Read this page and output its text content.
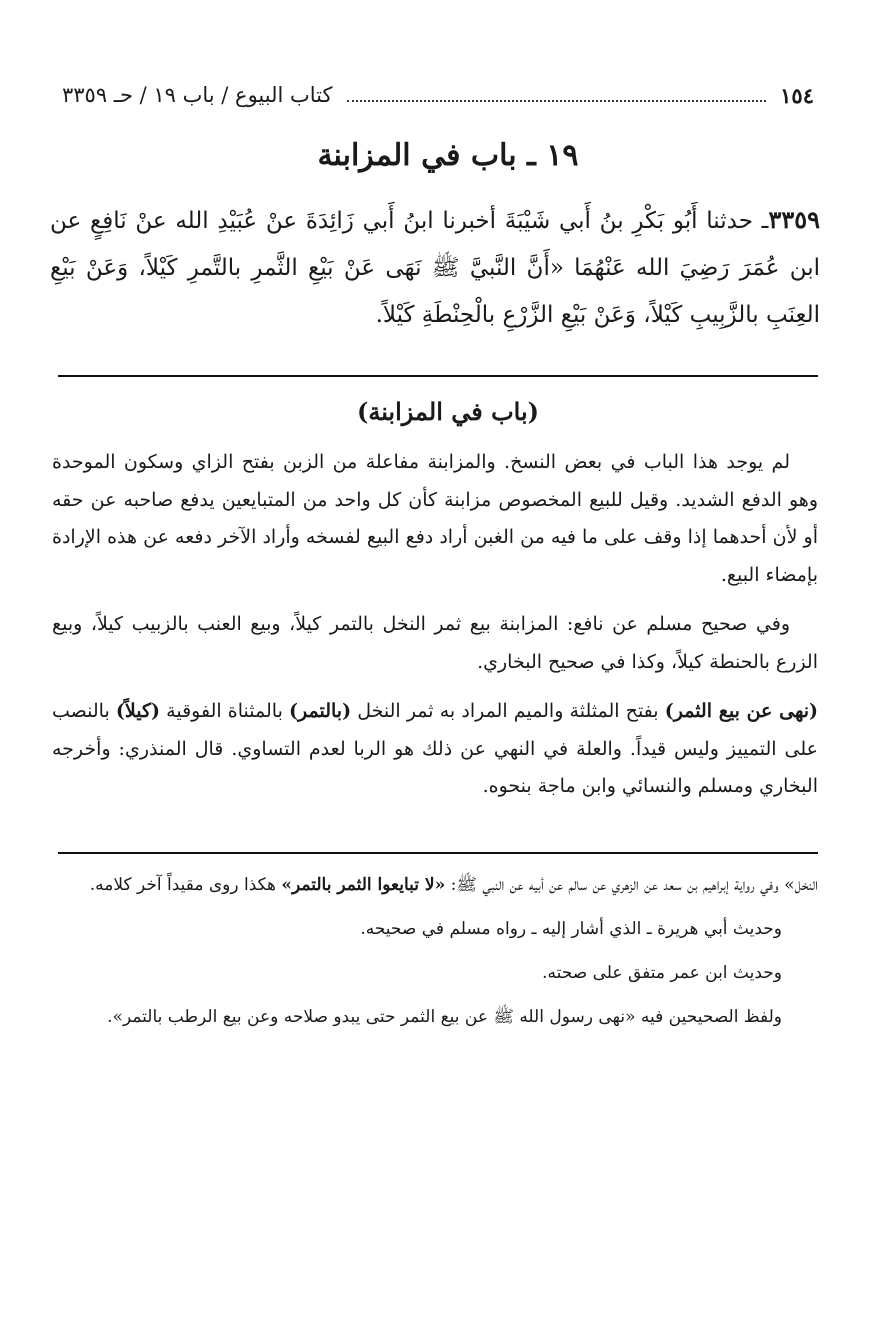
١٥٤
كتاب البيوع / باب ١٩ / حـ ٣٣٥٩
١٩ ـ باب في المزابنة
٣٣٥٩ـ حدثنا أَبُو بَكْرِ بنُ أَبي شَيْبَةَ أخبرنا ابنُ أَبي زَائِدَةَ عنْ عُبَيْدِ الله عنْ نَافِعٍ عن ابن عُمَرَ رَضِيَ الله عَنْهُمَا «أَنَّ النَّبيَّ ﷺ نَهَى عَنْ بَيْعِ الثَّمرِ بالتَّمرِ كَيْلاً، وَعَنْ بَيْعِ العِنَبِ بالزَّبِيبِ كَيْلاً، وَعَنْ بَيْعِ الزَّرْعِ بالْحِنْطَةِ كَيْلاً.
(باب في المزابنة)

لم يوجد هذا الباب في بعض النسخ. والمزابنة مفاعلة من الزبن بفتح الزاي وسكون الموحدة وهو الدفع الشديد. وقيل للبيع المخصوص مزابنة كأن كل واحد من المتبايعين يدفع صاحبه عن حقه أو لأن أحدهما إذا وقف على ما فيه من الغبن أراد دفع البيع لفسخه وأراد الآخر دفعه عن هذه الإرادة بإمضاء البيع.

وفي صحيح مسلم عن نافع: المزابنة بيع ثمر النخل بالتمر كيلاً، وبيع العنب بالزبيب كيلاً، وبيع الزرع بالحنطة كيلاً، وكذا في صحيح البخاري.

(نهى عن بيع الثمر) بفتح المثلثة والميم المراد به ثمر النخل (بالتمر) بالمثناة الفوقية (كيلاً) بالنصب على التمييز وليس قيداً. والعلة في النهي عن ذلك هو الربا لعدم التساوي. قال المنذري: وأخرجه البخاري ومسلم والنسائي وابن ماجة بنحوه.

النخل» وفي رواية إبراهيم بن سعد عن الزهري عن سالم عن أبيه عن النبي ﷺ: «لا تبايعوا الثمر بالتمر» هكذا روى مقيداً آخر كلامه.

وحديث أبي هريرة ـ الذي أشار إليه ـ رواه مسلم في صحيحه.

وحديث ابن عمر متفق على صحته.

ولفظ الصحيحين فيه «نهى رسول الله ﷺ عن بيع الثمر حتى يبدو صلاحه وعن بيع الرطب بالتمر».
